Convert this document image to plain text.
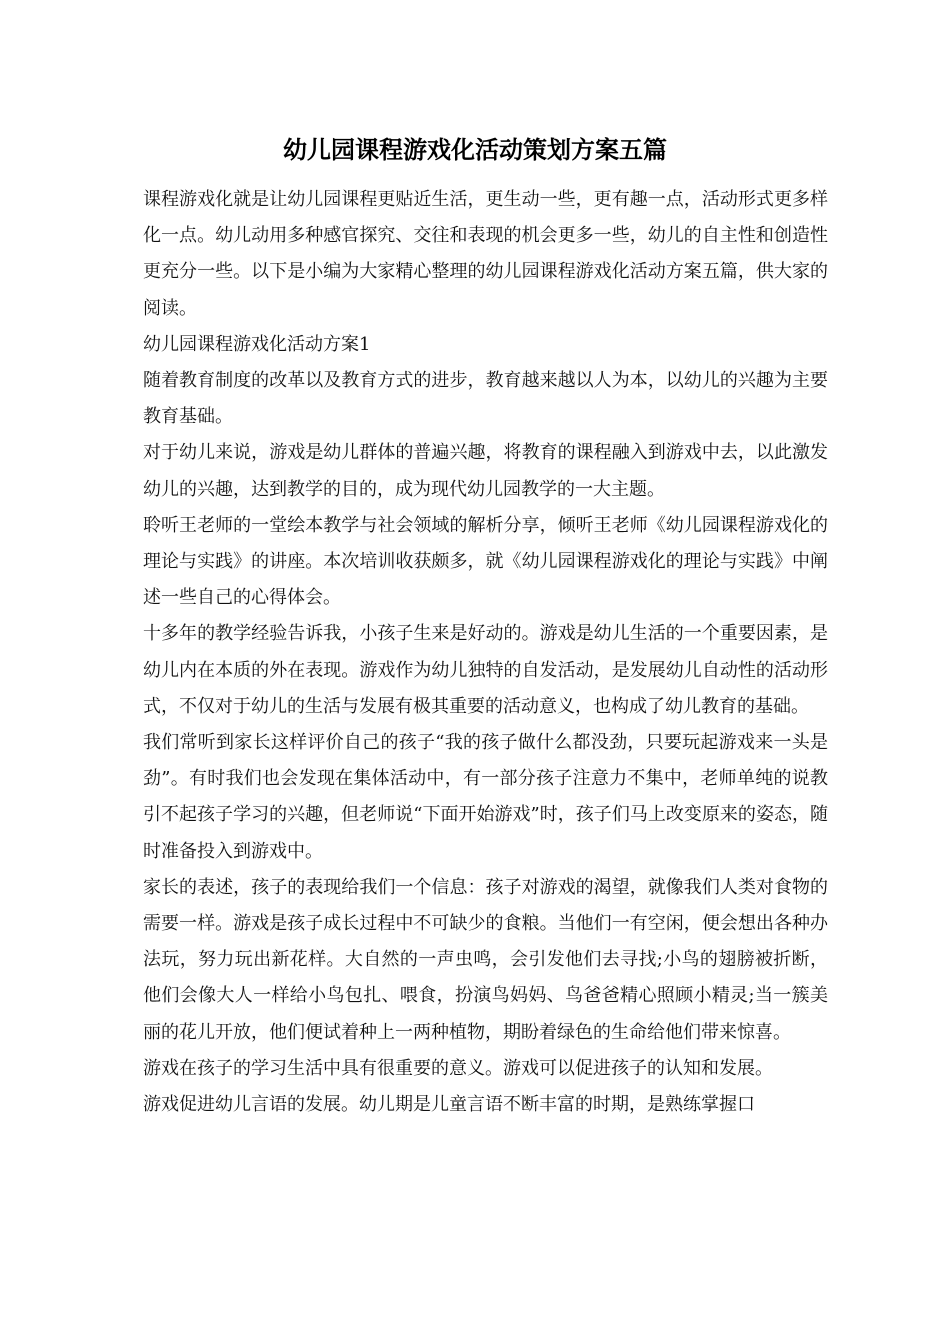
幼儿园课程游戏化活动策划方案五篇

课程游戏化就是让幼儿园课程更贴近生活，更生动一些，更有趣一点，活动形式更多样化一点。幼儿动用多种感官探究、交往和表现的机会更多一些，幼儿的自主性和创造性更充分一些。以下是小编为大家精心整理的幼儿园课程游戏化活动方案五篇，供大家的阅读。

幼儿园课程游戏化活动方案1

随着教育制度的改革以及教育方式的进步，教育越来越以人为本，以幼儿的兴趣为主要教育基础。

对于幼儿来说，游戏是幼儿群体的普遍兴趣，将教育的课程融入到游戏中去，以此激发幼儿的兴趣，达到教学的目的，成为现代幼儿园教学的一大主题。

聆听王老师的一堂绘本教学与社会领域的解析分享，倾听王老师《幼儿园课程游戏化的理论与实践》的讲座。本次培训收获颇多，就《幼儿园课程游戏化的理论与实践》中阐述一些自己的心得体会。

十多年的教学经验告诉我，小孩子生来是好动的。游戏是幼儿生活的一个重要因素，是幼儿内在本质的外在表现。游戏作为幼儿独特的自发活动，是发展幼儿自动性的活动形式，不仅对于幼儿的生活与发展有极其重要的活动意义，也构成了幼儿教育的基础。

我们常听到家长这样评价自己的孩子“我的孩子做什么都没劲，只要玩起游戏来一头是劲”。有时我们也会发现在集体活动中，有一部分孩子注意力不集中，老师单纯的说教引不起孩子学习的兴趣，但老师说“下面开始游戏”时，孩子们马上改变原来的姿态，随时准备投入到游戏中。

家长的表述，孩子的表现给我们一个信息：孩子对游戏的渴望，就像我们人类对食物的需要一样。游戏是孩子成长过程中不可缺少的食粮。当他们一有空闲，便会想出各种办法玩，努力玩出新花样。大自然的一声虫鸣，会引发他们去寻找;小鸟的翅膀被折断，他们会像大人一样给小鸟包扎、喂食，扮演鸟妈妈、鸟爸爸精心照顾小精灵;当一簇美丽的花儿开放，他们便试着种上一两种植物，期盼着绿色的生命给他们带来惊喜。

游戏在孩子的学习生活中具有很重要的意义。游戏可以促进孩子的认知和发展。

游戏促进幼儿言语的发展。幼儿期是儿童言语不断丰富的时期，是熟练掌握口
